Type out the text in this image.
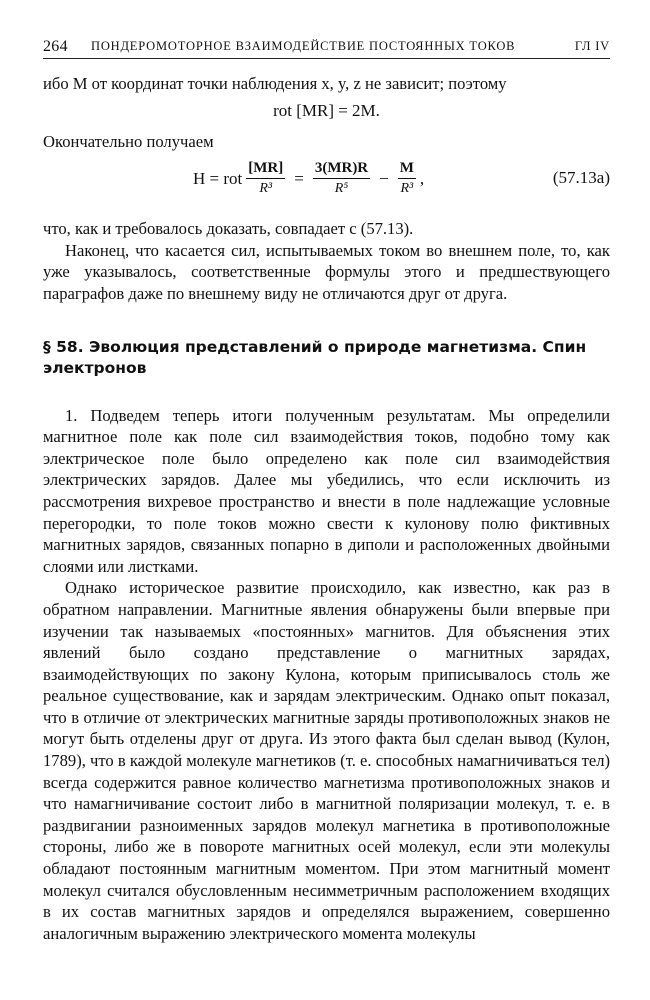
264 ПОНДЕРОМОТОРНОЕ ВЗАИМОДЕЙСТВИЕ ПОСТОЯННЫХ ТОКОВ	ГЛ IV

ибо M от координат точки наблюдения x, y, z не зависит; поэтому

rot [MR] = 2M.

Окончательно получаем

H = rot $\frac{[MR]}{\text{R³}} = \frac{3(MR)R}{\text{R⁵}} - \frac{M}{\text{R³}}$ ,	(57.13a)

что, как и требовалось доказать, совпадает с (57.13).

Наконец, что касается сил, испытываемых током во внешнем поле, то, как уже указывалось, соответственные формулы этого и предшествующего параграфов даже по внешнему виду не отличаются друг от друга.

§ 58. Эволюция представлений о природе магнетизма. Спин электронов

1. Подведем теперь итоги полученным результатам. Мы определили магнитное поле как поле сил взаимодействия токов, подобно тому как электрическое поле было определено как поле сил взаимодействия электрических зарядов. Далее мы убедились, что если исключить из рассмотрения вихревое пространство и внести в поле надлежащие условные перегородки, то поле токов можно свести к кулонову полю фиктивных магнитных зарядов, связанных попарно в диполи и расположенных двойными слоями или листками.

Однако историческое развитие происходило, как известно, как раз в обратном направлении. Магнитные явления обнаружены были впервые при изучении так называемых «постоянных» магнитов. Для объяснения этих явлений было создано представление о магнитных зарядах, взаимодействующих по закону Кулона, которым приписывалось столь же реальное существование, как и зарядам электрическим. Однако опыт показал, что в отличие от электрических магнитные заряды противоположных знаков не могут быть отделены друг от друга. Из этого факта был сделан вывод (Кулон, 1789), что в каждой молекуле магнетиков (т. е. способных намагничиваться тел) всегда содержится равное количество магнетизма противоположных знаков и что намагничивание состоит либо в магнитной поляризации молекул, т. е. в раздвигании разноименных зарядов молекул магнетика в противоположные стороны, либо же в повороте магнитных осей молекул, если эти молекулы обладают постоянным магнитным моментом. При этом магнитный момент молекул считался обусловленным несимметричным расположением входящих в их состав магнитных зарядов и определялся выражением, совершенно аналогичным выражению электрического момента молекулы
